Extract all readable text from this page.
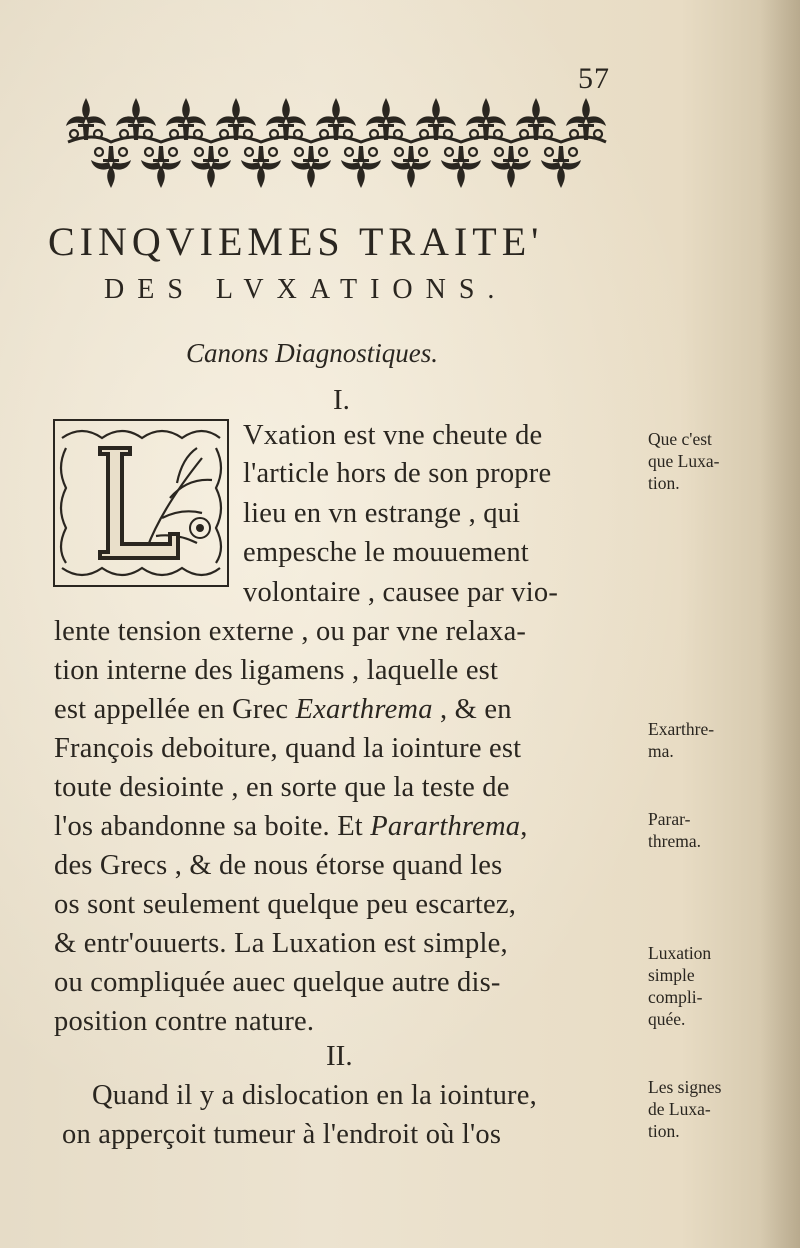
57
CINQVIEMES TRAITE'
DES LVXATIONS.
Canons Diagnostiques.
I.
Vxation est vne cheute de
l'article hors de son propre
lieu en vn estrange , qui
empesche le mouuement
volontaire , causee par vio-
lente tension externe , ou par vne relaxa-
tion interne des ligamens , laquelle est
est appellée en Grec Exarthrema , & en
François deboiture, quand la iointure est
toute desiointe , en sorte que la teste de
l'os abandonne sa boite. Et Pararthrema,
des Grecs , & de nous étorse quand les
os sont seulement quelque peu escartez,
& entr'ouuerts. La Luxation est simple,
ou compliquée auec quelque autre dis-
position contre nature.
II.
Quand il y a dislocation en la iointure,
on apperçoit tumeur à l'endroit où l'os
Que c'est
que Luxa-
tion.
Exarthre-
ma.
Parar-
threma.
Luxation
simple
compli-
quée.
Les signes
de Luxa-
tion.
